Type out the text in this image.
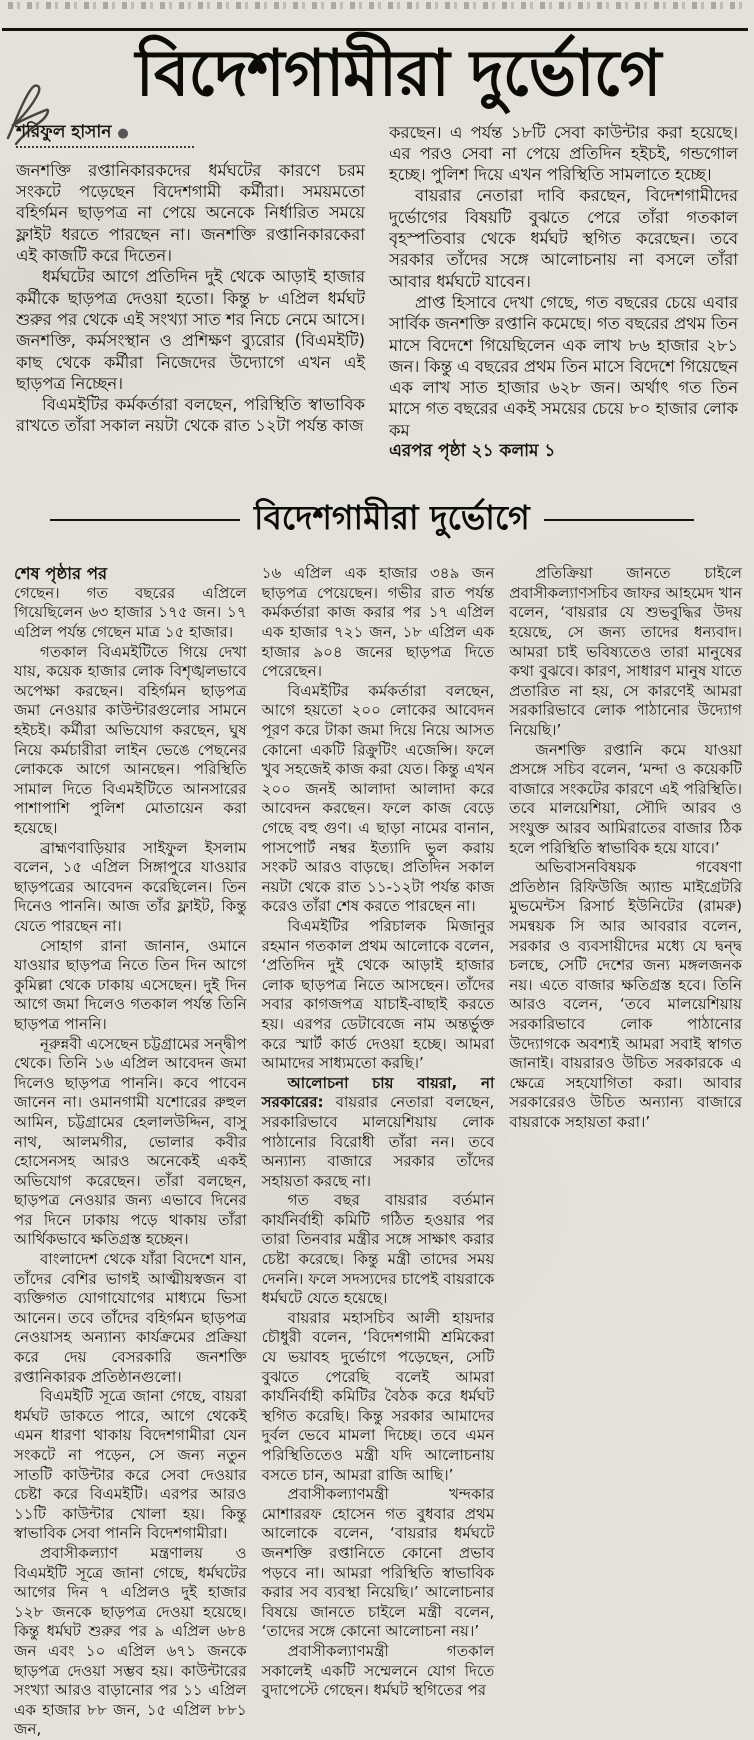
বিদেশগামীরা দুর্ভোগে

শরিফুল হাসান ●

জনশক্তি রপ্তানিকারকদের ধর্মঘটের কারণে চরম সংকটে পড়েছেন বিদেশগামী কর্মীরা। সময়মতো বহির্গমন ছাড়পত্র না পেয়ে অনেকে নির্ধারিত সময়ে ফ্লাইট ধরতে পারছেন না। জনশক্তি রপ্তানিকারকেরা এই কাজটি করে দিতেন।

ধর্মঘটের আগে প্রতিদিন দুই থেকে আড়াই হাজার কর্মীকে ছাড়পত্র দেওয়া হতো। কিন্তু ৮ এপ্রিল ধর্মঘট শুরুর পর থেকে এই সংখ্যা সাত শর নিচে নেমে আসে। জনশক্তি, কর্মসংস্থান ও প্রশিক্ষণ ব্যুরোর (বিএমইটি) কাছ থেকে কর্মীরা নিজেদের উদ্যোগে এখন এই ছাড়পত্র নিচ্ছেন।

বিএমইটির কর্মকর্তারা বলছেন, পরিস্থিতি স্বাভাবিক রাখতে তাঁরা সকাল নয়টা থেকে রাত ১২টা পর্যন্ত কাজ

করছেন। এ পর্যন্ত ১৮টি সেবা কাউন্টার করা হয়েছে। এর পরও সেবা না পেয়ে প্রতিদিন হইচই, গন্ডগোল হচ্ছে। পুলিশ দিয়ে এখন পরিস্থিতি সামলাতে হচ্ছে।

বায়রার নেতারা দাবি করছেন, বিদেশগামীদের দুর্ভোগের বিষয়টি বুঝতে পেরে তাঁরা গতকাল বৃহস্পতিবার থেকে ধর্মঘট স্থগিত করেছেন। তবে সরকার তাঁদের সঙ্গে আলোচনায় না বসলে তাঁরা আবার ধর্মঘটে যাবেন।

প্রাপ্ত হিসাবে দেখা গেছে, গত বছরের চেয়ে এবার সার্বিক জনশক্তি রপ্তানি কমেছে। গত বছরের প্রথম তিন মাসে বিদেশে গিয়েছিলেন এক লাখ ৮৬ হাজার ২৮১ জন। কিন্তু এ বছরের প্রথম তিন মাসে বিদেশে গিয়েছেন এক লাখ সাত হাজার ৬২৮ জন। অর্থাৎ গত তিন মাসে গত বছরের একই সময়ের চেয়ে ৮০ হাজার লোক কম

এরপর পৃষ্ঠা ২১ কলাম ১

বিদেশগামীরা দুর্ভোগে

শেষ পৃষ্ঠার পর

গেছেন। গত বছরের এপ্রিলে গিয়েছিলেন ৬৩ হাজার ১৭৫ জন। ১৭ এপ্রিল পর্যন্ত গেছেন মাত্র ১৫ হাজার।

গতকাল বিএমইটিতে গিয়ে দেখা যায়, কয়েক হাজার লোক বিশৃঙ্খলভাবে অপেক্ষা করছেন। বহির্গমন ছাড়পত্র জমা নেওয়ার কাউন্টারগুলোর সামনে হইচই। কর্মীরা অভিযোগ করছেন, ঘুষ নিয়ে কর্মচারীরা লাইন ভেঙে পেছনের লোককে আগে আনছেন। পরিস্থিতি সামাল দিতে বিএমইটিতে আনসারের পাশাপাশি পুলিশ মোতায়েন করা হয়েছে।

ব্রাহ্মণবাড়িয়ার সাইফুল ইসলাম বলেন, ১৫ এপ্রিল সিঙ্গাপুরে যাওয়ার ছাড়পত্রের আবেদন করেছিলেন। তিন দিনেও পাননি। আজ তাঁর ফ্লাইট, কিন্তু যেতে পারছেন না।

সোহাগ রানা জানান, ওমানে যাওয়ার ছাড়পত্র নিতে তিন দিন আগে কুমিল্লা থেকে ঢাকায় এসেছেন। দুই দিন আগে জমা দিলেও গতকাল পর্যন্ত তিনি ছাড়পত্র পাননি।

নূরুন্নবী এসেছেন চট্টগ্রামের সন্দ্বীপ থেকে। তিনি ১৬ এপ্রিল আবেদন জমা দিলেও ছাড়পত্র পাননি। কবে পাবেন জানেন না। ওমানগামী যশোরের রুহুল আমিন, চট্টগ্রামের হেলালউদ্দিন, বাসু নাথ, আলমগীর, ভোলার কবীর হোসেনসহ আরও অনেকেই একই অভিযোগ করেছেন। তাঁরা বলছেন, ছাড়পত্র নেওয়ার জন্য এভাবে দিনের পর দিনে ঢাকায় পড়ে থাকায় তাঁরা আর্থিকভাবে ক্ষতিগ্রস্ত হচ্ছেন।

বাংলাদেশ থেকে যাঁরা বিদেশে যান, তাঁদের বেশির ভাগই আত্মীয়স্বজন বা ব্যক্তিগত যোগাযোগের মাধ্যমে ভিসা আনেন। তবে তাঁদের বহির্গমন ছাড়পত্র নেওয়াসহ অন্যান্য কার্যক্রমের প্রক্রিয়া করে দেয় বেসরকারি জনশক্তি রপ্তানিকারক প্রতিষ্ঠানগুলো।

বিএমইটি সূত্রে জানা গেছে, বায়রা ধর্মঘট ডাকতে পারে, আগে থেকেই এমন ধারণা থাকায় বিদেশগামীরা যেন সংকটে না পড়েন, সে জন্য নতুন সাতটি কাউন্টার করে সেবা দেওয়ার চেষ্টা করে বিএমইটি। এরপর আরও ১১টি কাউন্টার খোলা হয়। কিন্তু স্বাভাবিক সেবা পাননি বিদেশগামীরা।

প্রবাসীকল্যাণ মন্ত্রণালয় ও বিএমইটি সূত্রে জানা গেছে, ধর্মঘটের আগের দিন ৭ এপ্রিলও দুই হাজার ১২৮ জনকে ছাড়পত্র দেওয়া হয়েছে। কিন্তু ধর্মঘট শুরুর পর ৯ এপ্রিল ৬৮৪ জন এবং ১০ এপ্রিল ৬৭১ জনকে ছাড়পত্র দেওয়া সম্ভব হয়। কাউন্টারের সংখ্যা আরও বাড়ানোর পর ১১ এপ্রিল এক হাজার ৮৮ জন, ১৫ এপ্রিল ৮৮১ জন,

১৬ এপ্রিল এক হাজার ৩৪৯ জন ছাড়পত্র পেয়েছেন। গভীর রাত পর্যন্ত কর্মকর্তারা কাজ করার পর ১৭ এপ্রিল এক হাজার ৭২১ জন, ১৮ এপ্রিল এক হাজার ৯০৪ জনের ছাড়পত্র দিতে পেরেছেন।

বিএমইটির কর্মকর্তারা বলছেন, আগে হয়তো ২০০ লোকের আবেদন পূরণ করে টাকা জমা দিয়ে নিয়ে আসত কোনো একটি রিক্রুটিং এজেন্সি। ফলে খুব সহজেই কাজ করা যেত। কিন্তু এখন ২০০ জনই আলাদা আলাদা করে আবেদন করছেন। ফলে কাজ বেড়ে গেছে বহু গুণ। এ ছাড়া নামের বানান, পাসপোর্ট নম্বর ইত্যাদি ভুল করায় সংকট আরও বাড়ছে। প্রতিদিন সকাল নয়টা থেকে রাত ১১-১২টা পর্যন্ত কাজ করেও তাঁরা শেষ করতে পারছেন না।

বিএমইটির পরিচালক মিজানুর রহমান গতকাল প্রথম আলোকে বলেন, ‘প্রতিদিন দুই থেকে আড়াই হাজার লোক ছাড়পত্র নিতে আসছেন। তাঁদের সবার কাগজপত্র যাচাই-বাছাই করতে হয়। এরপর ডেটাবেজে নাম অন্তর্ভুক্ত করে স্মার্ট কার্ড দেওয়া হচ্ছে। আমরা আমাদের সাধ্যমতো করছি।’

আলোচনা চায় বায়রা, না সরকারের: বায়রার নেতারা বলছেন, সরকারিভাবে মালয়েশিয়ায় লোক পাঠানোর বিরোধী তাঁরা নন। তবে অন্যান্য বাজারে সরকার তাঁদের সহায়তা করছে না।

গত বছর বায়রার বর্তমান কার্যনির্বাহী কমিটি গঠিত হওয়ার পর তারা তিনবার মন্ত্রীর সঙ্গে সাক্ষাৎ করার চেষ্টা করেছে। কিন্তু মন্ত্রী তাদের সময় দেননি। ফলে সদস্যদের চাপেই বায়রাকে ধর্মঘটে যেতে হয়েছে।

বায়রার মহাসচিব আলী হায়দার চৌধুরী বলেন, ‘বিদেশগামী শ্রমিকেরা যে ভয়াবহ দুর্ভোগে পড়েছেন, সেটি বুঝতে পেরেছি বলেই আমরা কার্যনির্বাহী কমিটির বৈঠক করে ধর্মঘট স্থগিত করেছি। কিন্তু সরকার আমাদের দুর্বল ভেবে মামলা দিচ্ছে। তবে এমন পরিস্থিতিতেও মন্ত্রী যদি আলোচনায় বসতে চান, আমরা রাজি আছি।’

প্রবাসীকল্যাণমন্ত্রী খন্দকার মোশাররফ হোসেন গত বুধবার প্রথম আলোকে বলেন, ‘বায়রার ধর্মঘটে জনশক্তি রপ্তানিতে কোনো প্রভাব পড়বে না। আমরা পরিস্থিতি স্বাভাবিক করার সব ব্যবস্থা নিয়েছি।’ আলোচনার বিষয়ে জানতে চাইলে মন্ত্রী বলেন, ‘তাদের সঙ্গে কোনো আলোচনা নয়।’

প্রবাসীকল্যাণমন্ত্রী গতকাল সকালেই একটি সম্মেলনে যোগ দিতে বুদাপেস্টে গেছেন। ধর্মঘট স্থগিতের পর

প্রতিক্রিয়া জানতে চাইলে প্রবাসীকল্যাণসচিব জাফর আহমেদ খান বলেন, ‘বায়রার যে শুভবুদ্ধির উদয় হয়েছে, সে জন্য তাদের ধন্যবাদ। আমরা চাই ভবিষ্যতেও তারা মানুষের কথা বুঝবে। কারণ, সাধারণ মানুষ যাতে প্রতারিত না হয়, সে কারণেই আমরা সরকারিভাবে লোক পাঠানোর উদ্যোগ নিয়েছি।’

জনশক্তি রপ্তানি কমে যাওয়া প্রসঙ্গে সচিব বলেন, ‘মন্দা ও কয়েকটি বাজারে সংকটের কারণে এই পরিস্থিতি। তবে মালয়েশিয়া, সৌদি আরব ও সংযুক্ত আরব আমিরাতের বাজার ঠিক হলে পরিস্থিতি স্বাভাবিক হয়ে যাবে।’

অভিবাসনবিষয়ক গবেষণা প্রতিষ্ঠান রিফিউজি অ্যান্ড মাইগ্রেটরি মুভমেন্টস রিসার্চ ইউনিটের (রামরু) সমন্বয়ক সি আর আবরার বলেন, সরকার ও ব্যবসায়ীদের মধ্যে যে দ্বন্দ্ব চলছে, সেটি দেশের জন্য মঙ্গলজনক নয়। এতে বাজার ক্ষতিগ্রস্ত হবে। তিনি আরও বলেন, ‘তবে মালয়েশিয়ায় সরকারিভাবে লোক পাঠানোর উদ্যোগকে অবশ্যই আমরা সবাই স্বাগত জানাই। বায়রারও উচিত সরকারকে এ ক্ষেত্রে সহযোগিতা করা। আবার সরকারেরও উচিত অন্যান্য বাজারে বায়রাকে সহায়তা করা।’
